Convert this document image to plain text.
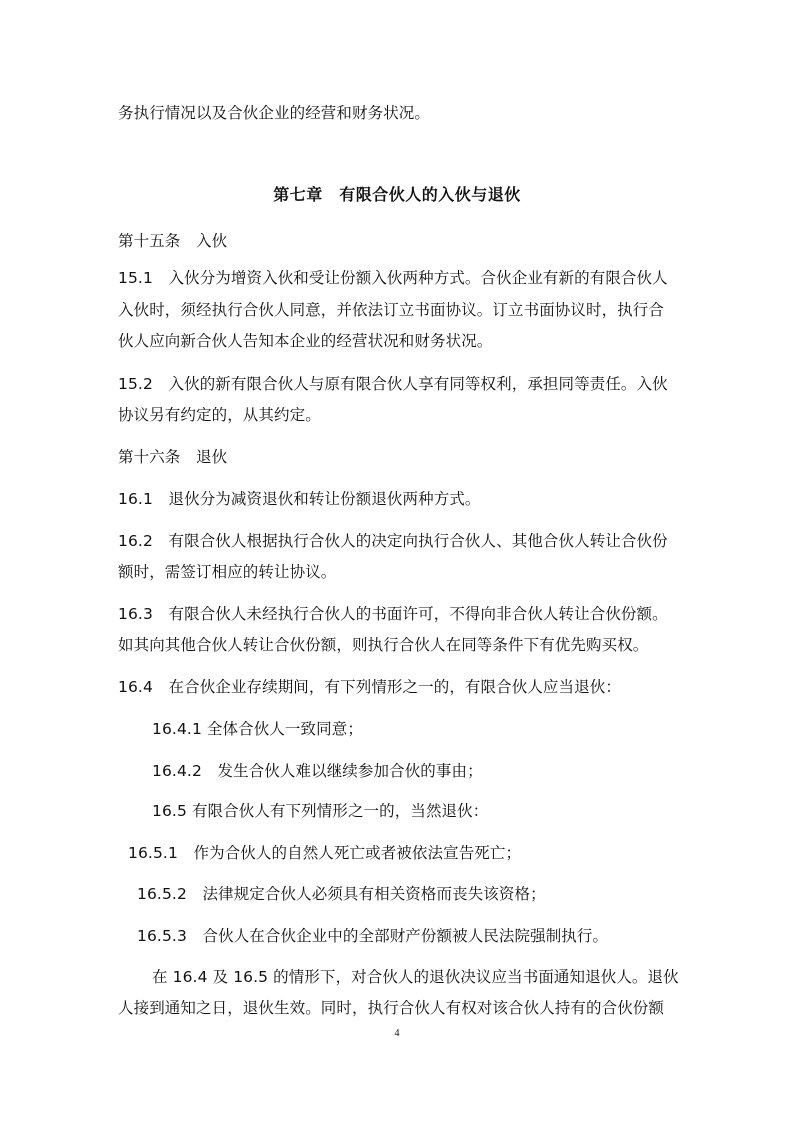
务执行情况以及合伙企业的经营和财务状况。
第七章　有限合伙人的入伙与退伙
第十五条　入伙
15.1　入伙分为增资入伙和受让份额入伙两种方式。合伙企业有新的有限合伙人
入伙时，须经执行合伙人同意，并依法订立书面协议。订立书面协议时，执行合
伙人应向新合伙人告知本企业的经营状况和财务状况。
15.2　入伙的新有限合伙人与原有限合伙人享有同等权利，承担同等责任。入伙
协议另有约定的，从其约定。
第十六条　退伙
16.1　退伙分为减资退伙和转让份额退伙两种方式。
16.2　有限合伙人根据执行合伙人的决定向执行合伙人、其他合伙人转让合伙份
额时，需签订相应的转让协议。
16.3　有限合伙人未经执行合伙人的书面许可，不得向非合伙人转让合伙份额。
如其向其他合伙人转让合伙份额，则执行合伙人在同等条件下有优先购买权。
16.4　在合伙企业存续期间，有下列情形之一的，有限合伙人应当退伙：
16.4.1 全体合伙人一致同意；
16.4.2　发生合伙人难以继续参加合伙的事由；
16.5 有限合伙人有下列情形之一的，当然退伙：
16.5.1　作为合伙人的自然人死亡或者被依法宣告死亡；
16.5.2　法律规定合伙人必须具有相关资格而丧失该资格；
16.5.3　合伙人在合伙企业中的全部财产份额被人民法院强制执行。
在 16.4 及 16.5 的情形下，对合伙人的退伙决议应当书面通知退伙人。退伙
人接到通知之日，退伙生效。同时，执行合伙人有权对该合伙人持有的合伙份额
4
